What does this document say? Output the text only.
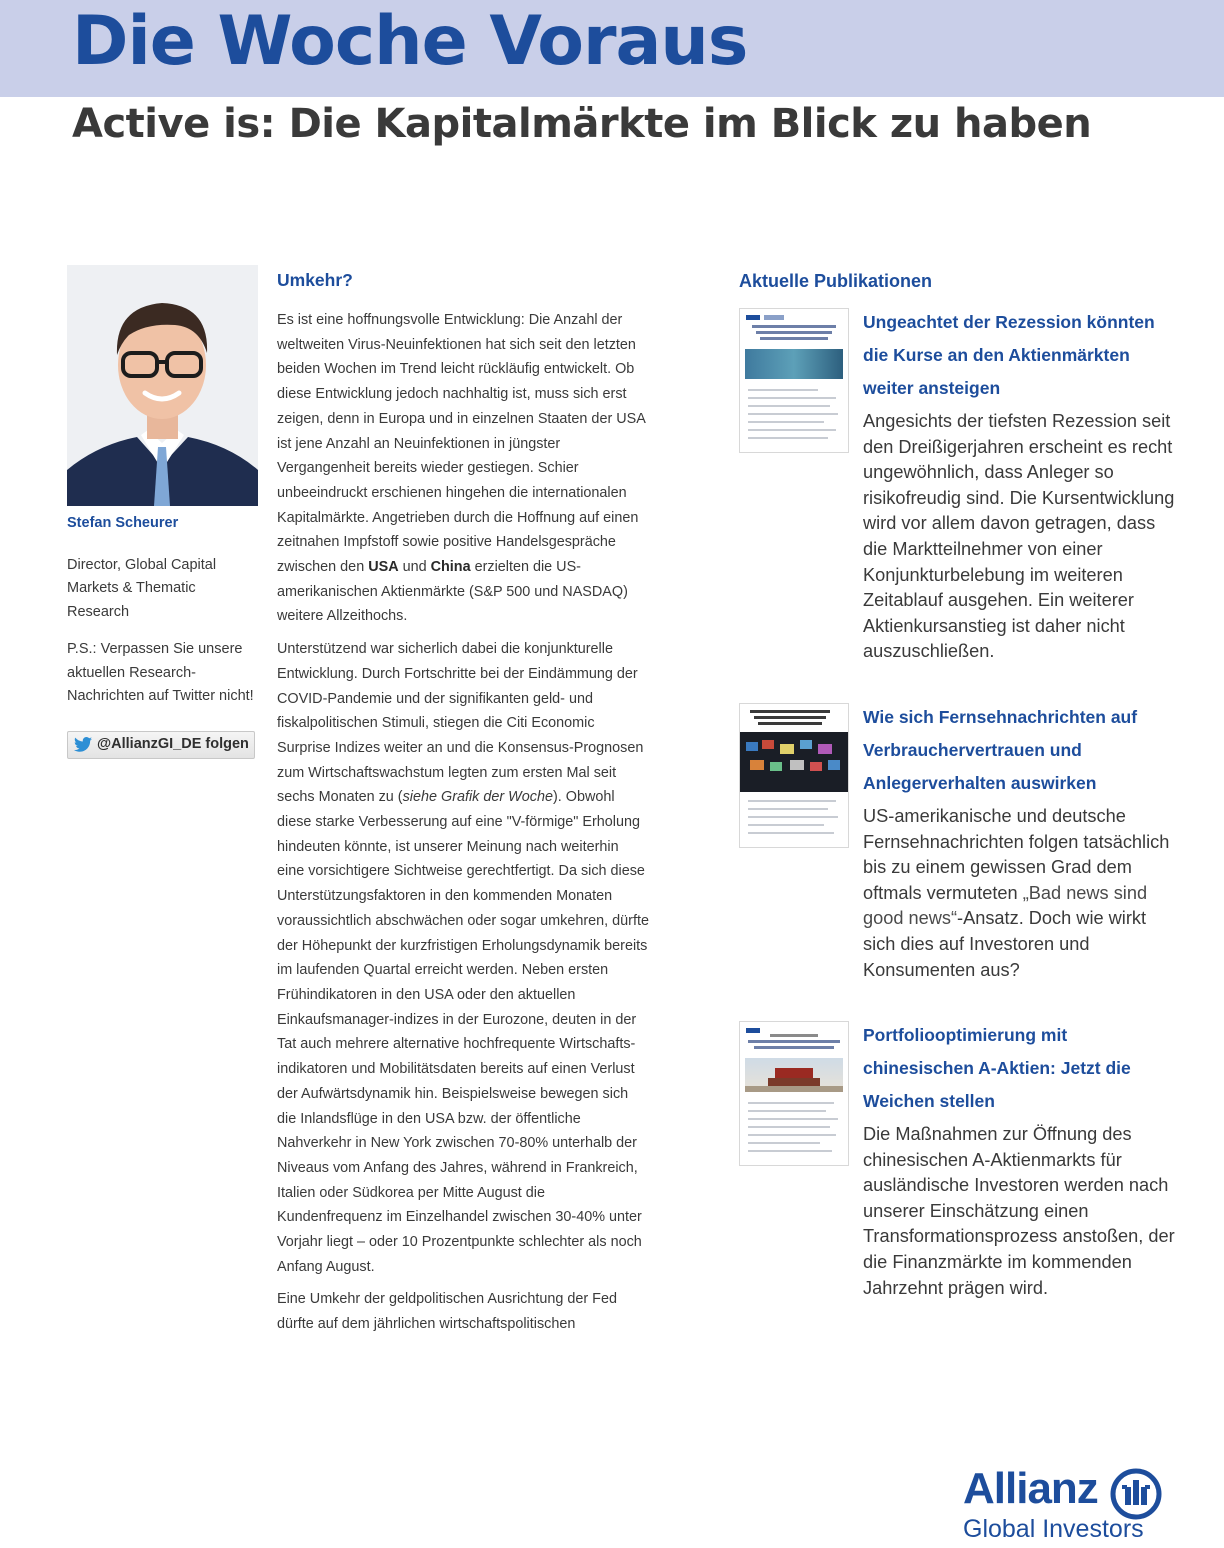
Die Woche Voraus
Active is: Die Kapitalmärkte im Blick zu haben

Stefan Scheurer

Director, Global Capital Markets & Thematic Research

P.S.: Verpassen Sie unsere aktuellen Research-Nachrichten auf Twitter nicht!

@AllianzGI_DE folgen
Umkehr?

Es ist eine hoffnungsvolle Entwicklung: Die Anzahl der weltweiten Virus-Neuinfektionen hat sich seit den letzten beiden Wochen im Trend leicht rückläufig entwickelt. Ob diese Entwicklung jedoch nachhaltig ist, muss sich erst zeigen, denn in Europa und in einzelnen Staaten der USA ist jene Anzahl an Neuinfektionen in jüngster Vergangenheit bereits wieder gestiegen. Schier unbeeindruckt erschienen hingehen die internationalen Kapitalmärkte. Angetrieben durch die Hoffnung auf einen zeitnahen Impfstoff sowie positive Handelsgespräche zwischen den USA und China erzielten die US-amerikanischen Aktienmärkte (S&P 500 und NASDAQ) weitere Allzeithochs.

Unterstützend war sicherlich dabei die konjunkturelle Entwicklung. Durch Fortschritte bei der Eindämmung der COVID-Pandemie und der signifikanten geld- und fiskalpolitischen Stimuli, stiegen die Citi Economic Surprise Indizes weiter an und die Konsensus-Prognosen zum Wirtschaftswachstum legten zum ersten Mal seit sechs Monaten zu (siehe Grafik der Woche). Obwohl diese starke Verbesserung auf eine "V-förmige" Erholung hindeuten könnte, ist unserer Meinung nach weiterhin eine vorsichtigere Sichtweise gerechtfertigt. Da sich diese Unterstützungsfaktoren in den kommenden Monaten voraussichtlich abschwächen oder sogar umkehren, dürfte der Höhepunkt der kurzfristigen Erholungsdynamik bereits im laufenden Quartal erreicht werden. Neben ersten Frühindikatoren in den USA oder den aktuellen Einkaufsmanager-indizes in der Eurozone, deuten in der Tat auch mehrere alternative hochfrequente Wirtschafts-indikatoren und Mobilitätsdaten bereits auf einen Verlust der Aufwärtsdynamik hin. Beispielsweise bewegen sich die Inlandsflüge in den USA bzw. der öffentliche Nahverkehr in New York zwischen 70-80% unterhalb der Niveaus vom Anfang des Jahres, während in Frankreich, Italien oder Südkorea per Mitte August die Kundenfrequenz im Einzelhandel zwischen 30-40% unter Vorjahr liegt – oder 10 Prozentpunkte schlechter als noch Anfang August.

Eine Umkehr der geldpolitischen Ausrichtung der Fed dürfte auf dem jährlichen wirtschaftspolitischen

Aktuelle Publikationen

Ungeachtet der Rezession könnten die Kurse an den Aktienmärkten weiter ansteigen

Angesichts der tiefsten Rezession seit den Dreißigerjahren erscheint es recht ungewöhnlich, dass Anleger so risikofreudig sind. Die Kursentwicklung wird vor allem davon getragen, dass die Marktteilnehmer von einer Konjunkturbelebung im weiteren Zeitablauf ausgehen. Ein weiterer Aktienkursanstieg ist daher nicht auszuschließen.

Wie sich Fernsehnachrichten auf Verbrauchervertrauen und Anlegerverhalten auswirken

US-amerikanische und deutsche Fernsehnachrichten folgen tatsächlich bis zu einem gewissen Grad dem oftmals vermuteten „Bad news sind good news“-Ansatz. Doch wie wirkt sich dies auf Investoren und Konsumenten aus?

Portfoliooptimierung mit chinesischen A-Aktien: Jetzt die Weichen stellen

Die Maßnahmen zur Öffnung des chinesischen A-Aktienmarkts für ausländische Investoren werden nach unserer Einschätzung einen Transformationsprozess anstoßen, der die Finanzmärkte im kommenden Jahrzehnt prägen wird.

Allianz
Global Investors
